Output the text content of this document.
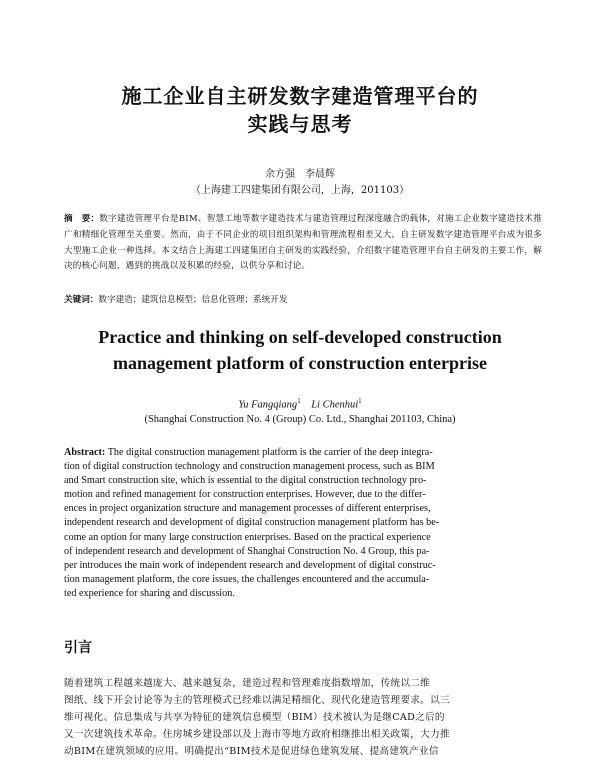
施工企业自主研发数字建造管理平台的
实践与思考
余方强　李晨辉
（上海建工四建集团有限公司，上海，201103）
摘　要：数字建造管理平台是BIM、智慧工地等数字建造技术与建造管理过程深度融合的载体，对施工企业数字建造技术推广和精细化管理至关重要。然而，由于不同企业的项目组织架构和管理流程相差又大，自主研发数字建造管理平台成为很多大型施工企业一种选择。本文结合上海建工四建集团自主研发的实践经验，介绍数字建造管理平台自主研发的主要工作，解决的核心问题，遇到的挑战以及积累的经验，以供分享和讨论。
关键词：数字建造；建筑信息模型；信息化管理；系统开发
Practice and thinking on self-developed construction
management platform of construction enterprise
Yu Fangqiang$^1$  Li Chenhui$^1$
(Shanghai Construction No. 4 (Group) Co. Ltd., Shanghai 201103, China)
Abstract: The digital construction management platform is the carrier of the deep integra-
tion of digital construction technology and construction management process, such as BIM
and Smart construction site, which is essential to the digital construction technology pro-
motion and refined management for construction enterprises. However, due to the differ-
ences in project organization structure and management processes of different enterprises,
independent research and development of digital construction management platform has be-
come an option for many large construction enterprises. Based on the practical experience
of independent research and development of Shanghai Construction No. 4 Group, this pa-
per introduces the main work of independent research and development of digital construc-
tion management platform, the core issues, the challenges encountered and the accumula-
ted experience for sharing and discussion.
引言
随着建筑工程越来越庞大、越来越复杂，建造过程和管理难度指数增加，传统以二维
图纸、线下开会讨论等为主的管理模式已经难以满足精细化、现代化建造管理要求。以三
维可视化、信息集成与共享为特征的建筑信息模型（BIM）技术被认为是继CAD之后的
又一次建筑技术革命。住房城乡建设部以及上海市等地方政府相继推出相关政策，大力推
动BIM在建筑领域的应用。明确提出“BIM技术是促进绿色建筑发展、提高建筑产业信
